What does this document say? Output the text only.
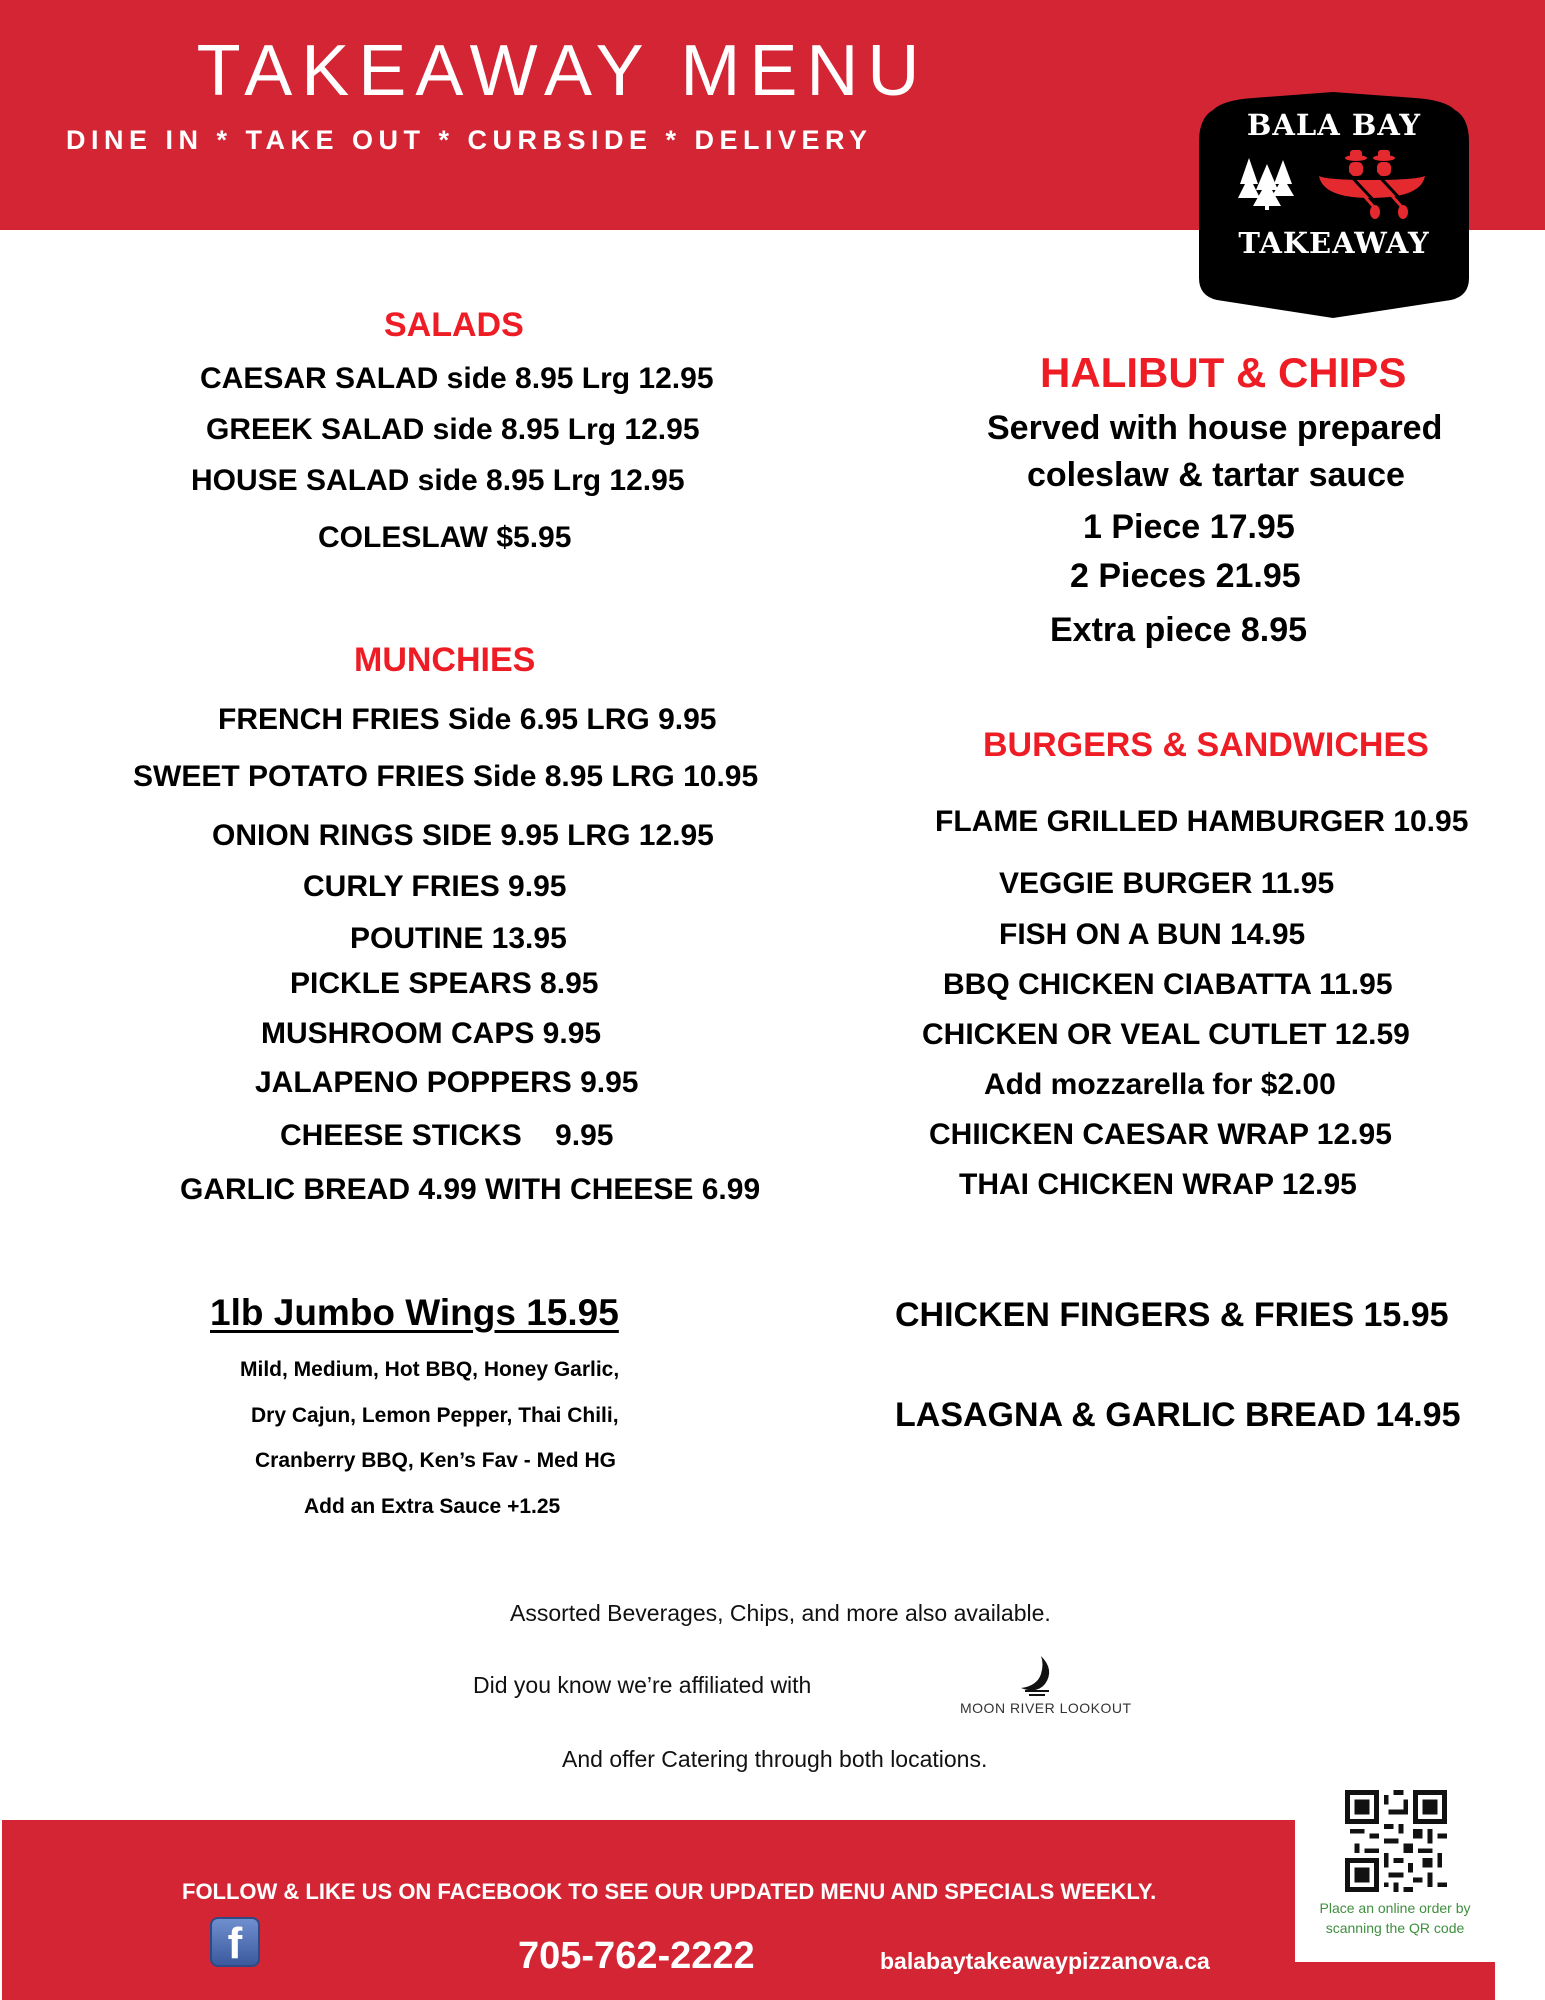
TAKEAWAY MENU
DINE IN * TAKE OUT * CURBSIDE * DELIVERY	BALA BAY
TAKEAWAY
SALADS
CAESAR SALAD side 8.95 Lrg 12.95
GREEK SALAD side 8.95 Lrg 12.95
HOUSE SALAD side 8.95 Lrg 12.95
COLESLAW $5.95
MUNCHIES
FRENCH FRIES Side 6.95 LRG 9.95
SWEET POTATO FRIES Side 8.95 LRG 10.95
ONION RINGS SIDE 9.95 LRG 12.95
CURLY FRIES 9.95
POUTINE 13.95
PICKLE SPEARS 8.95
MUSHROOM CAPS 9.95
JALAPENO POPPERS 9.95
CHEESE STICKS    9.95
GARLIC BREAD 4.99 WITH CHEESE 6.99
1lb Jumbo Wings 15.95
Mild, Medium, Hot BBQ, Honey Garlic,
Dry Cajun, Lemon Pepper, Thai Chili,
Cranberry BBQ, Ken’s Fav - Med HG
Add an Extra Sauce +1.25
HALIBUT & CHIPS
Served with house prepared
coleslaw & tartar sauce
1 Piece 17.95
2 Pieces 21.95
Extra piece 8.95
BURGERS & SANDWICHES
FLAME GRILLED HAMBURGER 10.95
VEGGIE BURGER 11.95
FISH ON A BUN 14.95
BBQ CHICKEN CIABATTA 11.95
CHICKEN OR VEAL CUTLET 12.59
Add mozzarella for $2.00
CHIICKEN CAESAR WRAP 12.95
THAI CHICKEN WRAP 12.95
CHICKEN FINGERS & FRIES 15.95
LASAGNA & GARLIC BREAD 14.95
Assorted Beverages, Chips, and more also available.
Did you know we’re affiliated with
MOON RIVER LOOKOUT
And offer Catering through both locations.
FOLLOW & LIKE US ON FACEBOOK TO SEE OUR UPDATED MENU AND SPECIALS WEEKLY.
f	705-762-2222	balabaytakeawaypizzanova.ca
Place an online order by
scanning the QR code
